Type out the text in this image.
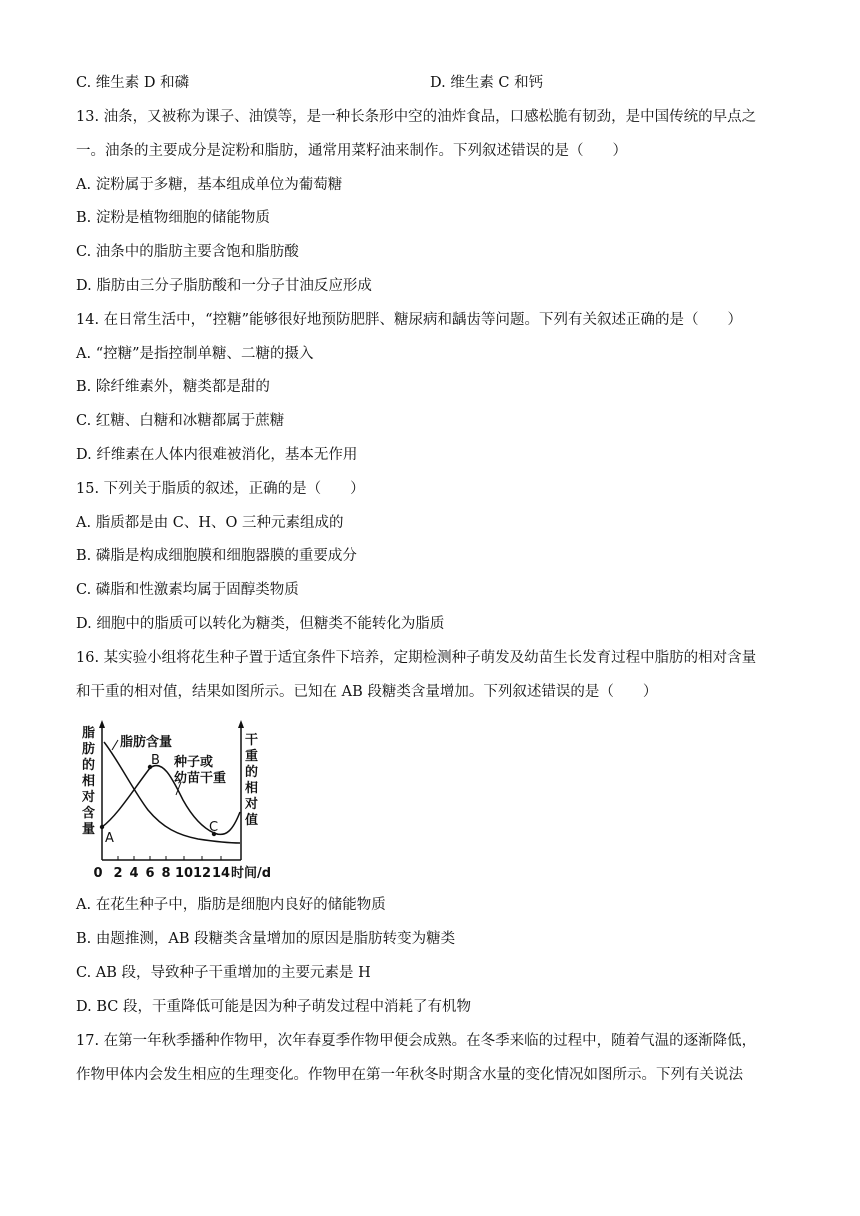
C. 维生素 D 和磷	D. 维生素 C 和钙
13. 油条，又被称为课子、油馍等，是一种长条形中空的油炸食品，口感松脆有韧劲，是中国传统的早点之
一。油条的主要成分是淀粉和脂肪，通常用菜籽油来制作。下列叙述错误的是（　　）
A. 淀粉属于多糖，基本组成单位为葡萄糖
B. 淀粉是植物细胞的储能物质
C. 油条中的脂肪主要含饱和脂肪酸
D. 脂肪由三分子脂肪酸和一分子甘油反应形成
14. 在日常生活中，“控糖”能够很好地预防肥胖、糖尿病和龋齿等问题。下列有关叙述正确的是（　　）
A. “控糖”是指控制单糖、二糖的摄入
B. 除纤维素外，糖类都是甜的
C. 红糖、白糖和冰糖都属于蔗糖
D. 纤维素在人体内很难被消化，基本无作用
15. 下列关于脂质的叙述，正确的是（　　）
A. 脂质都是由 C、H、O 三种元素组成的
B. 磷脂是构成细胞膜和细胞器膜的重要成分
C. 磷脂和性激素均属于固醇类物质
D. 细胞中的脂质可以转化为糖类，但糖类不能转化为脂质
16. 某实验小组将花生种子置于适宜条件下培养，定期检测种子萌发及幼苗生长发育过程中脂肪的相对含量
和干重的相对值，结果如图所示。已知在 AB 段糖类含量增加。下列叙述错误的是（　　）
脂
肪
的
相
对
含
量
干
重
的
相
对
值
脂肪含量
种子或
幼苗干重
A
B
C
0 2 4 6 8 10 12 14 时间/d
A. 在花生种子中，脂肪是细胞内良好的储能物质
B. 由题推测，AB 段糖类含量增加的原因是脂肪转变为糖类
C. AB 段，导致种子干重增加的主要元素是 H
D. BC 段，干重降低可能是因为种子萌发过程中消耗了有机物
17. 在第一年秋季播种作物甲，次年春夏季作物甲便会成熟。在冬季来临的过程中，随着气温的逐渐降低，
作物甲体内会发生相应的生理变化。作物甲在第一年秋冬时期含水量的变化情况如图所示。下列有关说法
